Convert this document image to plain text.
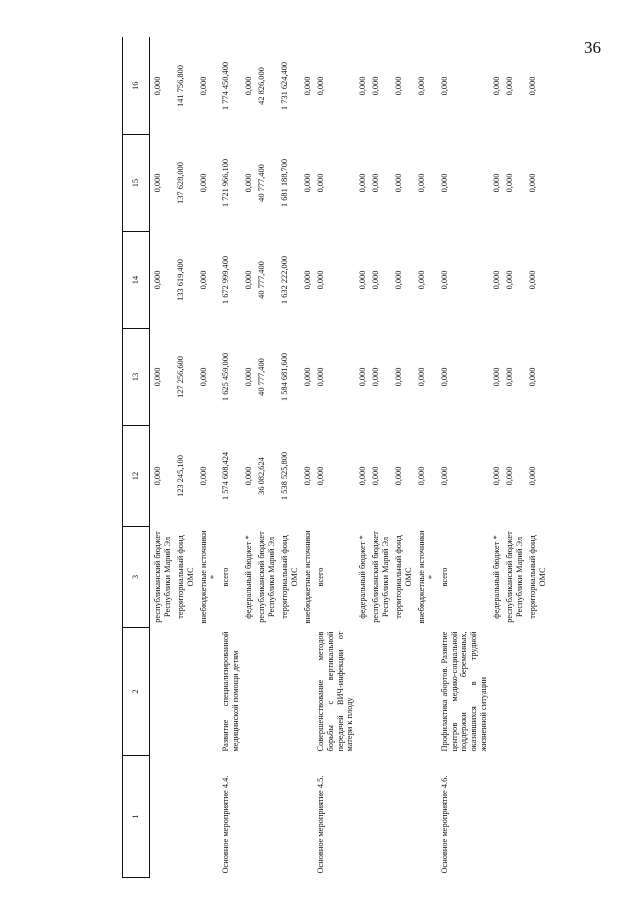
36
1	2	3	12	13	14	15	16
		республиканский бюджет Республики Марий Эл	0,000	0,000	0,000	0,000	0,000
		территориальный фонд ОМС	123 245,100	127 256,600	133 619,400	137 628,000	141 756,800
		внебюджетные источники *	0,000	0,000	0,000	0,000	0,000
Основное мероприятие 4.4.	Развитие специализированной медицинской помощи детям	всего	1 574 608,424	1 625 459,000	1 672 999,400	1 721 966,100	1 774 450,400
		федеральный бюджет *	0,000	0,000	0,000	0,000	0,000
		республиканский бюджет Республики Марий Эл	36 082,624	40 777,400	40 777,400	40 777,400	42 826,000
		территориальный фонд ОМС	1 538 525,800	1 584 681,600	1 632 222,000	1 681 188,700	1 731 624,400
		внебюджетные источники	0,000	0,000	0,000	0,000	0,000
Основное мероприятие 4.5.	Совершенствование методов борьбы с вертикальной передачей ВИЧ-инфекции от матери к плоду	всего	0,000	0,000	0,000	0,000	0,000
		федеральный бюджет *	0,000	0,000	0,000	0,000	0,000
		республиканский бюджет Республики Марий Эл	0,000	0,000	0,000	0,000	0,000
		территориальный фонд ОМС	0,000	0,000	0,000	0,000	0,000
		внебюджетные источники *	0,000	0,000	0,000	0,000	0,000
Основное мероприятие 4.6.	Профилактика абортов. Развитие центров медико-социальной поддержки беременных, оказавшихся в трудной жизненной ситуации	всего	0,000	0,000	0,000	0,000	0,000
		федеральный бюджет *	0,000	0,000	0,000	0,000	0,000
		республиканский бюджет Республики Марий Эл	0,000	0,000	0,000	0,000	0,000
		территориальный фонд ОМС	0,000	0,000	0,000	0,000	0,000
